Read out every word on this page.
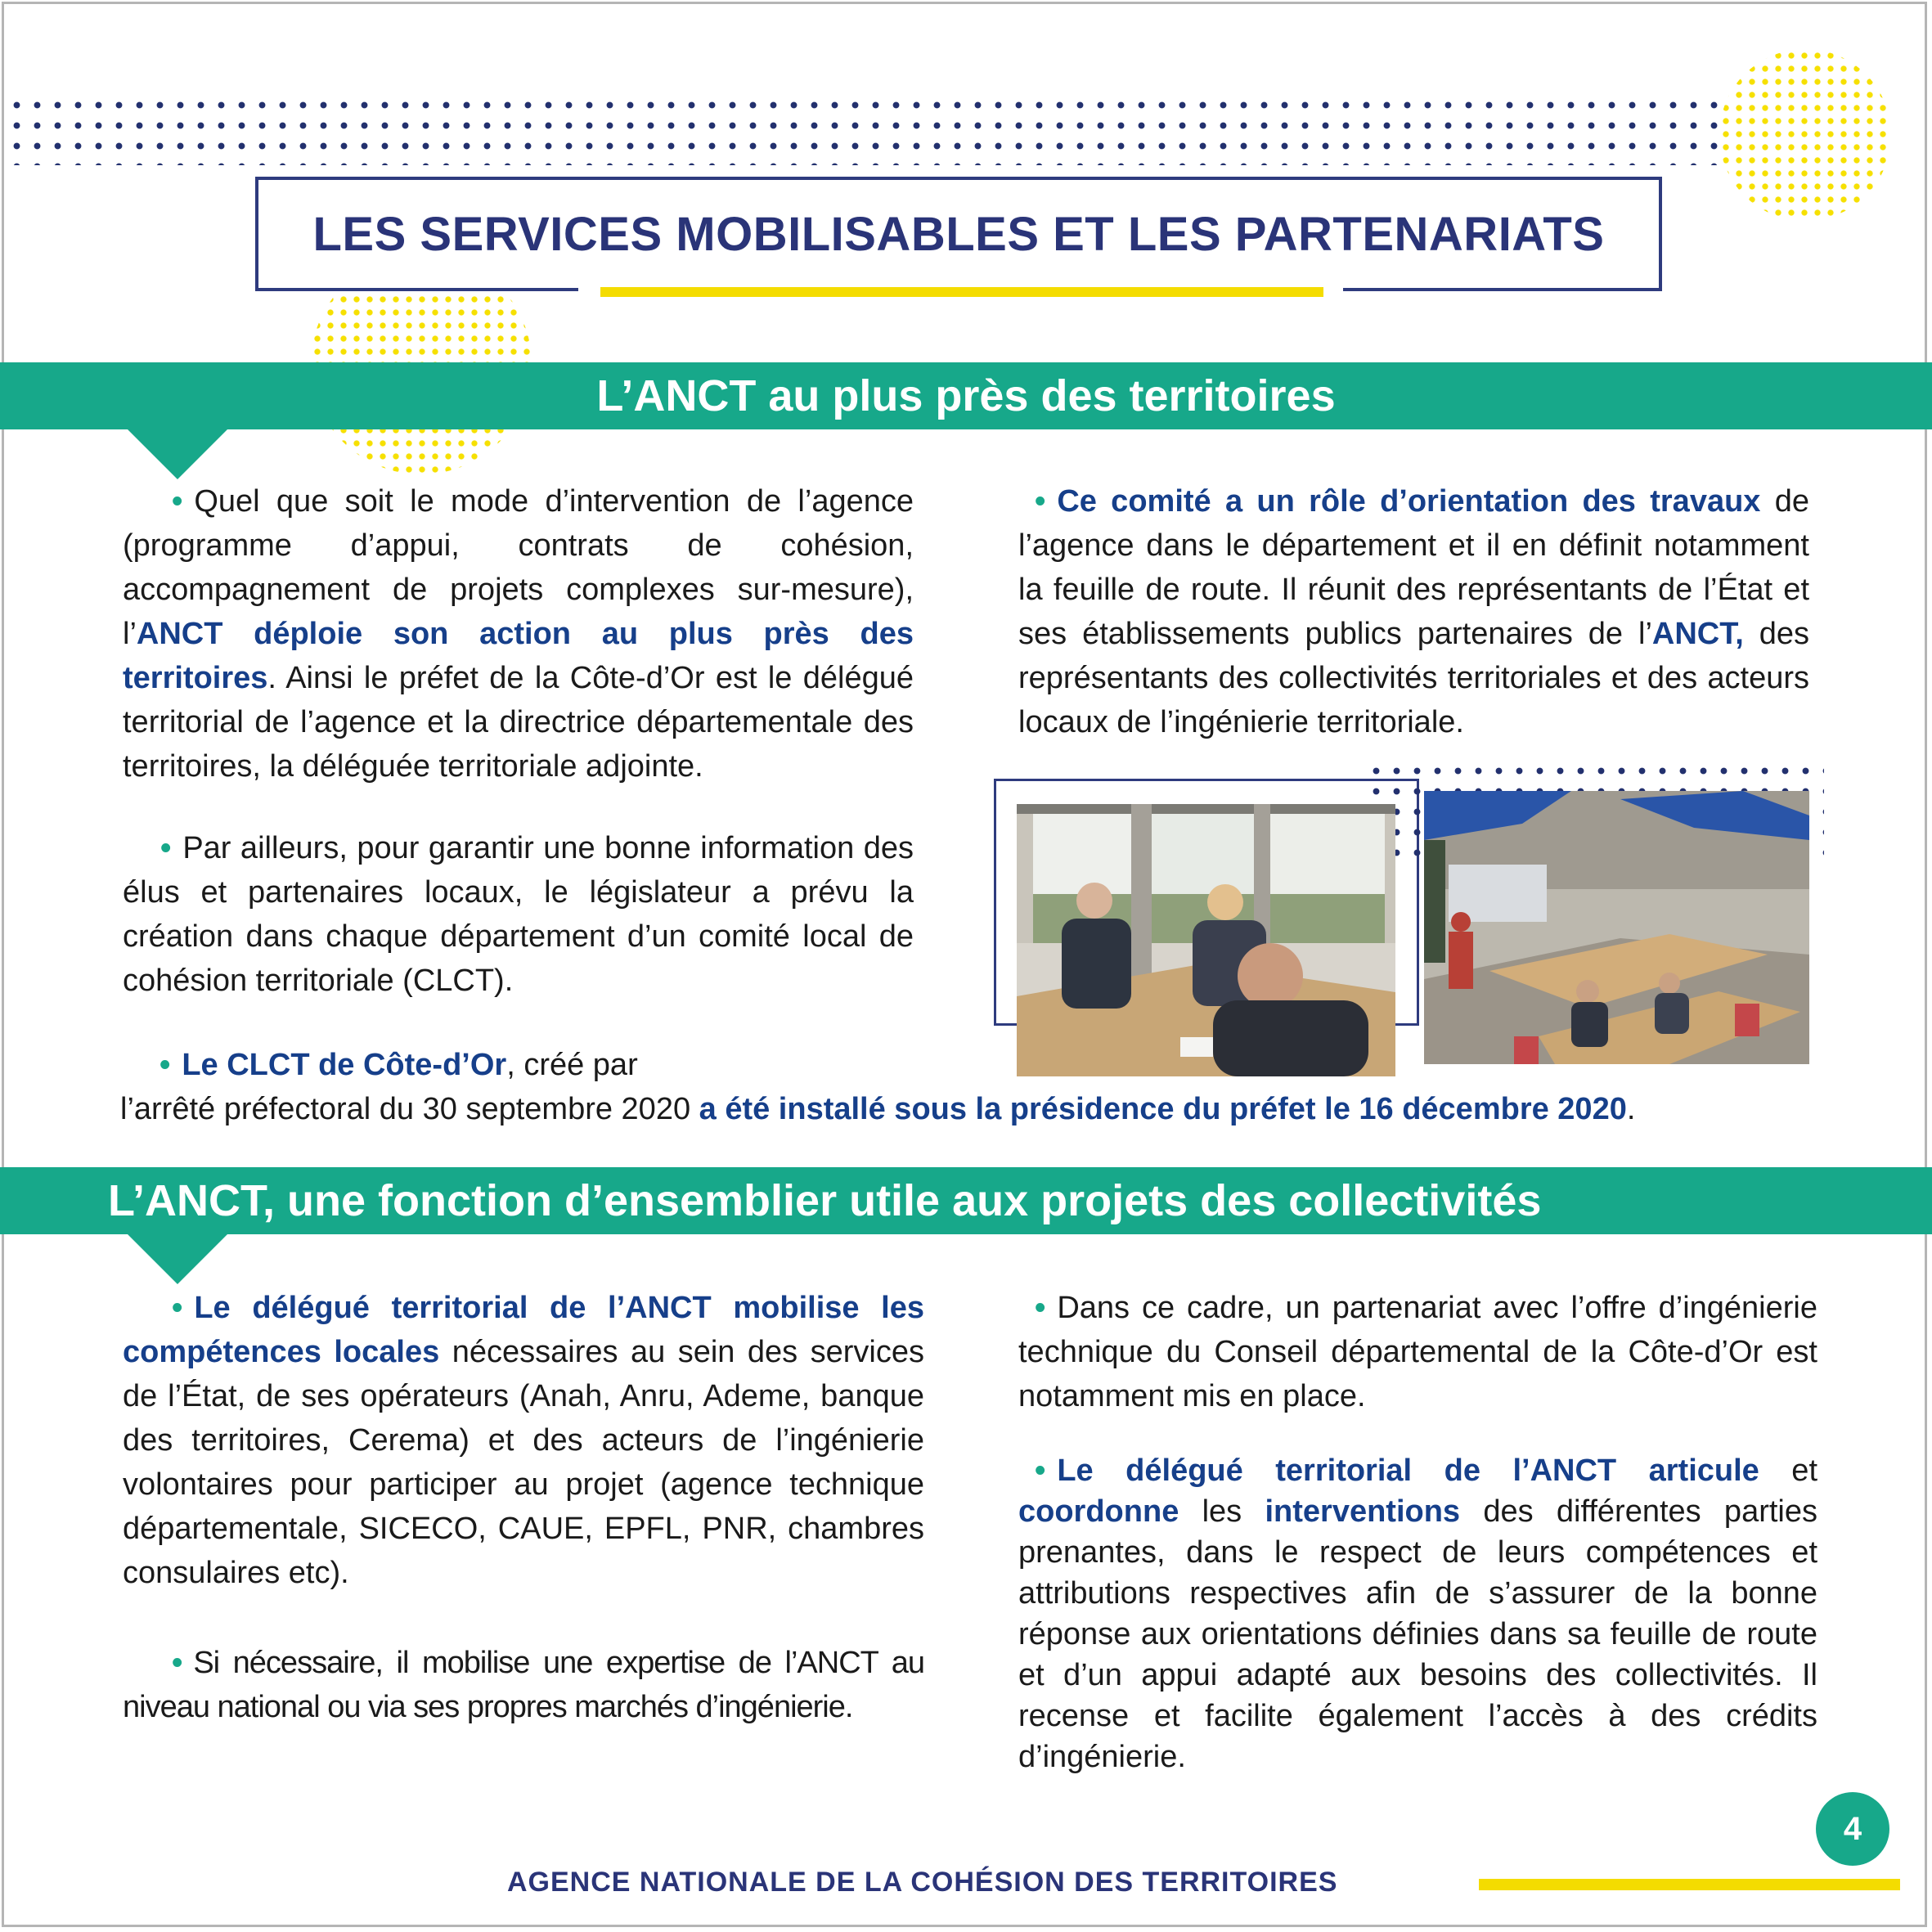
LES SERVICES MOBILISABLES ET LES PARTENARIATS
L’ANCT au plus près des territoires

• Quel que soit le mode d’intervention de l’agence (programme d’appui, contrats de cohésion, accompagnement de projets complexes sur-mesure), l’ANCT déploie son action au plus près des territoires. Ainsi le préfet de la Côte-d’Or est le délégué territorial de l’agence et la directrice départementale des territoires, la déléguée territoriale adjointe.

• Par ailleurs, pour garantir une bonne information des élus et partenaires locaux, le législateur a prévu la création dans chaque département d’un comité local de cohésion territoriale (CLCT).

• Le CLCT de Côte-d’Or, créé par

l’arrêté préfectoral du 30 septembre 2020 a été installé sous la présidence du préfet le 16 décembre 2020.

• Ce comité a un rôle d’orientation des travaux de l’agence dans le département et il en définit notamment la feuille de route. Il réunit des représentants de l’État et ses établissements publics partenaires de l’ANCT, des représentants des collectivités territoriales et des acteurs locaux de l’ingénierie territoriale.

L’ANCT, une fonction d’ensemblier utile aux projets des collectivités

• Le délégué territorial de l’ANCT mobilise les compétences locales nécessaires au sein des services de l’État, de ses opérateurs (Anah, Anru, Ademe, banque des territoires, Cerema) et des acteurs de l’ingénierie volontaires pour participer au projet (agence technique départementale, SICECO, CAUE, EPFL, PNR, chambres consulaires etc).

• Si nécessaire, il mobilise une expertise de l’ANCT au niveau national ou via ses propres marchés d’ingénierie.

• Dans ce cadre, un partenariat avec l’offre d’ingénierie technique du Conseil départemental de la Côte-d’Or est notamment mis en place.

• Le délégué territorial de l’ANCT articule et coordonne les interventions des différentes parties prenantes, dans le respect de leurs compétences et attributions respectives afin de s’assurer de la bonne réponse aux orientations définies dans sa feuille de route et d’un appui adapté aux besoins des collectivités. Il recense et facilite également l’accès à des crédits d’ingénierie.

4
AGENCE NATIONALE DE LA COHÉSION DES TERRITOIRES
